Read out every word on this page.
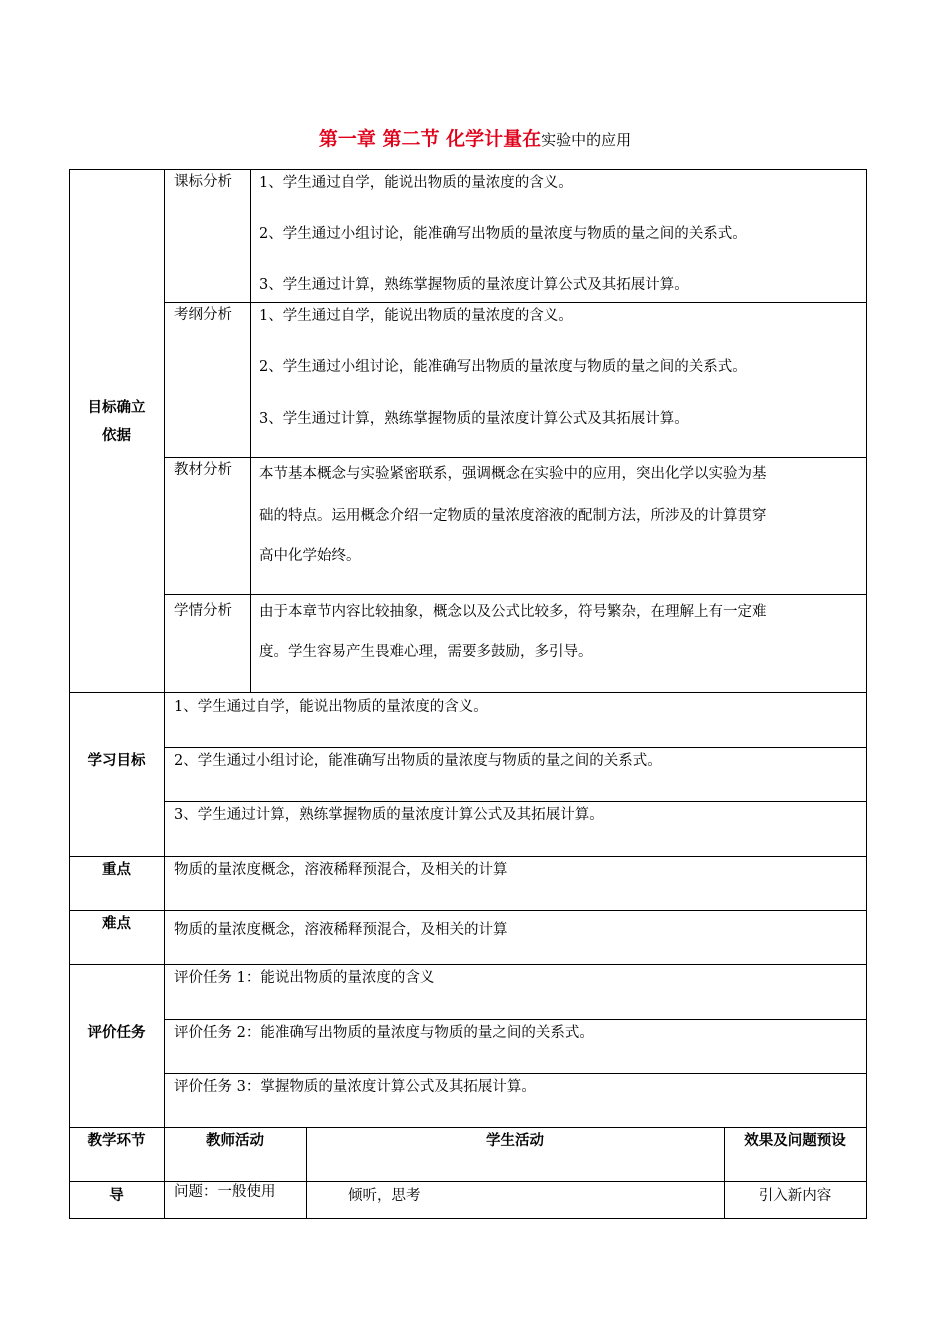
第一章 第二节 化学计量在实验中的应用
目标确立
依据
课标分析 1、学生通过自学，能说出物质的量浓度的含义。
2、学生通过小组讨论，能准确写出物质的量浓度与物质的量之间的关系式。
3、学生通过计算，熟练掌握物质的量浓度计算公式及其拓展计算。
考纲分析 1、学生通过自学，能说出物质的量浓度的含义。
2、学生通过小组讨论，能准确写出物质的量浓度与物质的量之间的关系式。
3、学生通过计算，熟练掌握物质的量浓度计算公式及其拓展计算。
教材分析 本节基本概念与实验紧密联系，强调概念在实验中的应用，突出化学以实验为基
础的特点。运用概念介绍一定物质的量浓度溶液的配制方法，所涉及的计算贯穿
高中化学始终。
学情分析 由于本章节内容比较抽象，概念以及公式比较多，符号繁杂，在理解上有一定难
度。学生容易产生畏难心理，需要多鼓励，多引导。
学习目标
1、学生通过自学，能说出物质的量浓度的含义。
2、学生通过小组讨论，能准确写出物质的量浓度与物质的量之间的关系式。
3、学生通过计算，熟练掌握物质的量浓度计算公式及其拓展计算。
重点	物质的量浓度概念，溶液稀释预混合，及相关的计算
难点	物质的量浓度概念，溶液稀释预混合，及相关的计算
评价任务
评价任务 1：能说出物质的量浓度的含义
评价任务 2：能准确写出物质的量浓度与物质的量之间的关系式。
评价任务 3：掌握物质的量浓度计算公式及其拓展计算。
教学环节	教师活动	学生活动	效果及问题预设
导	问题：一般使用	倾听，思考	引入新内容
